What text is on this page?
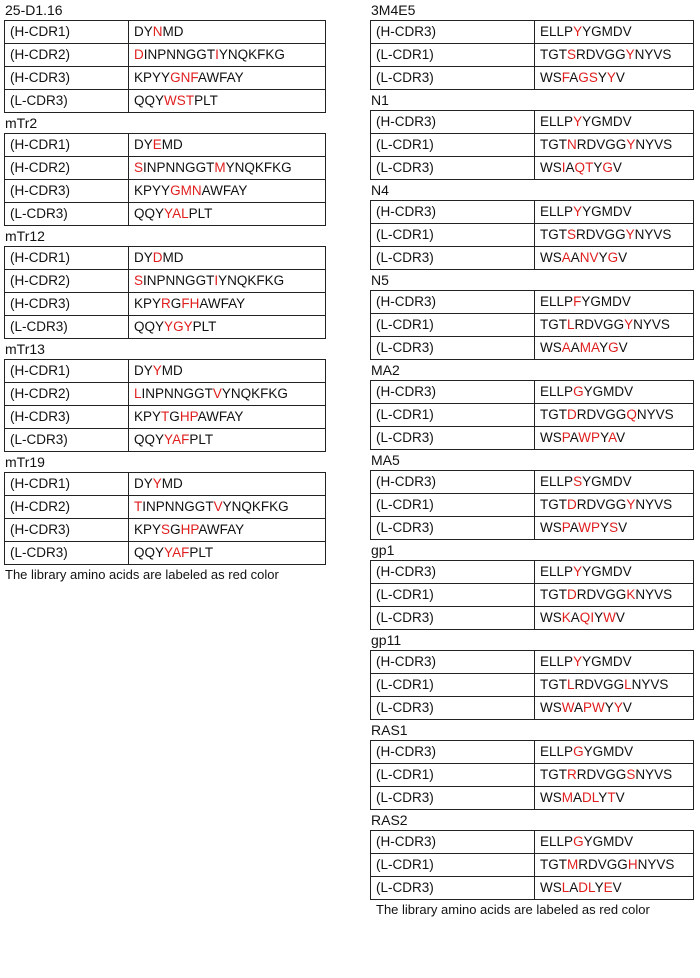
25-D1.16
(H-CDR1)	DYNMD
(H-CDR2)	DINPNNGGTIYNQKFKG
(H-CDR3)	KPYYGNFAWFAY
(L-CDR3)	QQYWSTPLT
mTr2
(H-CDR1)	DYEMD
(H-CDR2)	SINPNNGGTMYNQKFKG
(H-CDR3)	KPYYGMNAWFAY
(L-CDR3)	QQYYALPLT
mTr12
(H-CDR1)	DYDMD
(H-CDR2)	SINPNNGGTIYNQKFKG
(H-CDR3)	KPYRGFHAWFAY
(L-CDR3)	QQYYGYPLT
mTr13
(H-CDR1)	DYYMD
(H-CDR2)	LINPNNGGTVYNQKFKG
(H-CDR3)	KPYTGHPAWFAY
(L-CDR3)	QQYYAFPLT
mTr19
(H-CDR1)	DYYMD
(H-CDR2)	TINPNNGGTVYNQKFKG
(H-CDR3)	KPYSGHPAWFAY
(L-CDR3)	QQYYAFPLT
The library amino acids are labeled as red color
3M4E5
(H-CDR3)	ELLPYYGMDV
(L-CDR1)	TGTSRDVGGYNYVS
(L-CDR3)	WSFAGSYYV
N1
(H-CDR3)	ELLPYYGMDV
(L-CDR1)	TGTNRDVGGYNYVS
(L-CDR3)	WSIAQTYGV
N4
(H-CDR3)	ELLPYYGMDV
(L-CDR1)	TGTSRDVGGYNYVS
(L-CDR3)	WSAANVYGV
N5
(H-CDR3)	ELLPFYGMDV
(L-CDR1)	TGTLRDVGGYNYVS
(L-CDR3)	WSAAMAYGV
MA2
(H-CDR3)	ELLPGYGMDV
(L-CDR1)	TGTDRDVGGQNYVS
(L-CDR3)	WSPAWPYAV
MA5
(H-CDR3)	ELLPSYGMDV
(L-CDR1)	TGTDRDVGGYNYVS
(L-CDR3)	WSPAWPYSV
gp1
(H-CDR3)	ELLPYYGMDV
(L-CDR1)	TGTDRDVGGKNYVS
(L-CDR3)	WSKAQIYWV
gp11
(H-CDR3)	ELLPYYGMDV
(L-CDR1)	TGTLRDVGGLNYVS
(L-CDR3)	WSWAPWYYV
RAS1
(H-CDR3)	ELLPGYGMDV
(L-CDR1)	TGTRRDVGGSNYVS
(L-CDR3)	WSMADLYTV
RAS2
(H-CDR3)	ELLPGYGMDV
(L-CDR1)	TGTMRDVGGHNYVS
(L-CDR3)	WSLADLYEV
The library amino acids are labeled as red color
